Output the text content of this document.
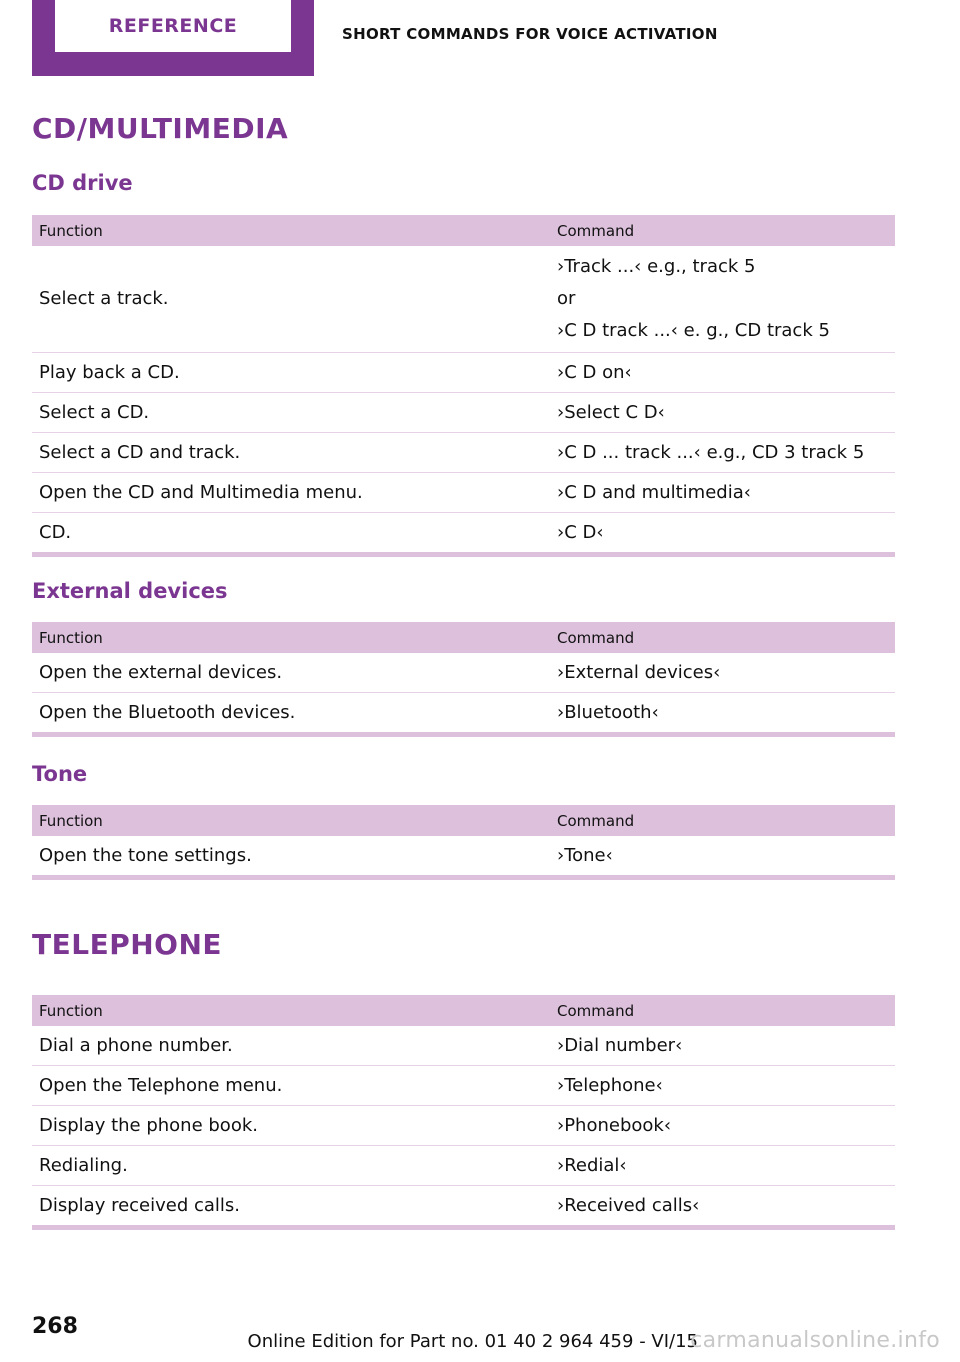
REFERENCE	SHORT COMMANDS FOR VOICE ACTIVATION
CD/MULTIMEDIA
CD drive
Function	Command

Select a track.	›Track ...‹ e.g., track 5
or
›C D track ...‹ e. g., CD track 5

Play back a CD.	›C D on‹
Select a CD.	›Select C D‹
Select a CD and track.	›C D ... track ...‹ e.g., CD 3 track 5
Open the CD and Multimedia menu.	›C D and multimedia‹
CD.	›C D‹
External devices
Function	Command
Open the external devices.	›External devices‹
Open the Bluetooth devices.	›Bluetooth‹
Tone
Function	Command
Open the tone settings.	›Tone‹
TELEPHONE
Function	Command
Dial a phone number.	›Dial number‹
Open the Telephone menu.	›Telephone‹
Display the phone book.	›Phonebook‹
Redialing.	›Redial‹
Display received calls.	›Received calls‹
268
Online Edition for Part no. 01 40 2 964 459 - VI/15
carmanualsonline.info
